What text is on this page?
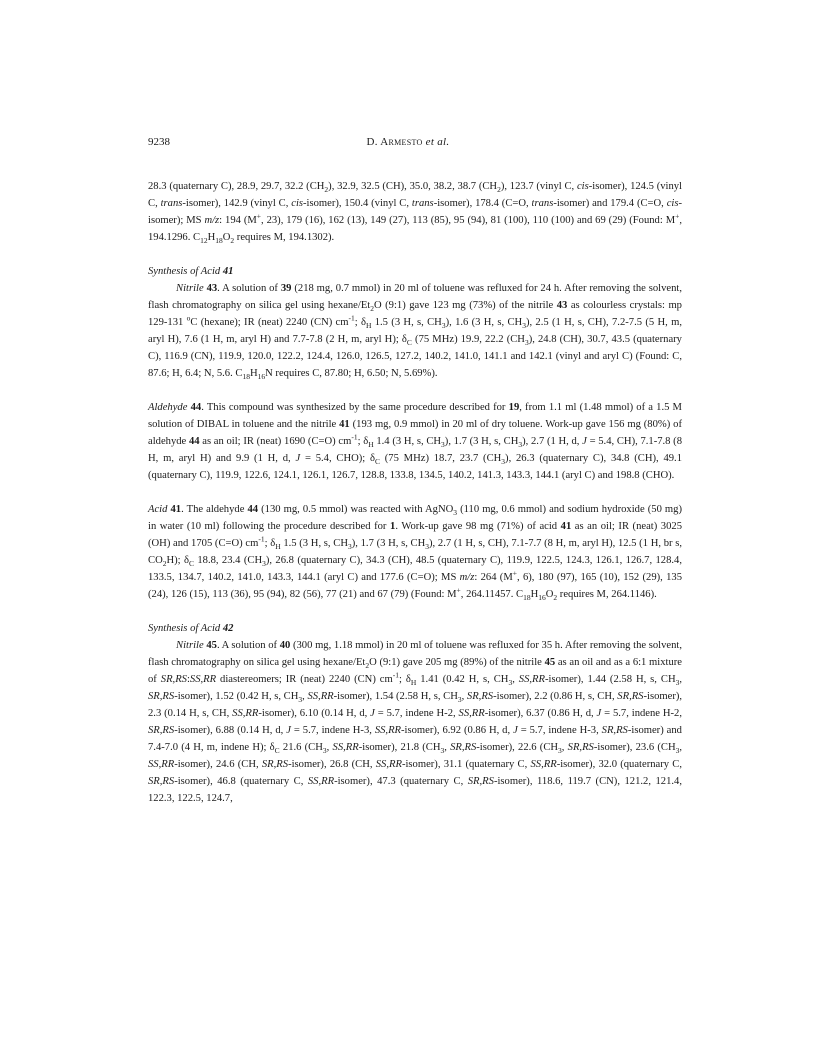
9238	D. Armesto et al.

28.3 (quaternary C), 28.9, 29.7, 32.2 $(CH_2)$, 32.9, 32.5 (CH), 35.0, 38.2, 38.7 $(CH_2)$, 123.7 (vinyl C, cis-isomer), 124.5 (vinyl C, trans-isomer), 142.9 (vinyl C, cis-isomer), 150.4 (vinyl C, trans-isomer), 178.4 (C=O, trans-isomer) and 179.4 (C=O, cis-isomer); MS m/z: 194 (M+, 23), 179 (16), 162 (13), 149 (27), 113 (85), 95 (94), 81 (100), 110 (100) and 69 (29) (Found: M+, 194.1296. $C_{12}H_{18}O_2$ requires M, 194.1302).

Synthesis of Acid 41

Nitrile 43. A solution of 39 (218 mg, 0.7 mmol) in 20 ml of toluene was refluxed for 24 h. After removing the solvent, flash chromatography on silica gel using hexane/$Et_2O$ (9:1) gave 123 mg (73%) of the nitrile 43 as colourless crystals: mp 129-131 $^o$C (hexane); IR (neat) 2240 (CN) $cm^{-1}$; $\delta_H$ 1.5 (3 H, s, $CH_3$), 1.6 (3 H, s, $CH_3$), 2.5 (1 H, s, CH), 7.2-7.5 (5 H, m, aryl H), 7.6 (1 H, m, aryl H) and 7.7-7.8 (2 H, m, aryl H); $\delta_C$ (75 MHz) 19.9, 22.2 $(CH_3)$, 24.8 (CH), 30.7, 43.5 (quaternary C), 116.9 (CN), 119.9, 120.0, 122.2, 124.4, 126.0, 126.5, 127.2, 140.2, 141.0, 141.1 and 142.1 (vinyl and aryl C) (Found: C, 87.6; H, 6.4; N, 5.6. $C_{18}H_{16}N$ requires C, 87.80; H, 6.50; N, 5.69%).

Aldehyde 44. This compound was synthesized by the same procedure described for 19, from 1.1 ml (1.48 mmol) of a 1.5 M solution of DIBAL in toluene and the nitrile 41 (193 mg, 0.9 mmol) in 20 ml of dry toluene. Work-up gave 156 mg (80%) of aldehyde 44 as an oil; IR (neat) 1690 (C=O) $cm^{-1}$; $\delta_H$ 1.4 (3 H, s, $CH_3$), 1.7 (3 H, s, $CH_3$), 2.7 (1 H, d, J = 5.4, CH), 7.1-7.8 (8 H, m, aryl H) and 9.9 (1 H, d, J = 5.4, CHO); $\delta_C$ (75 MHz) 18.7, 23.7 $(CH_3)$, 26.3 (quaternary C), 34.8 (CH), 49.1 (quaternary C), 119.9, 122.6, 124.1, 126.1, 126.7, 128.8, 133.8, 134.5, 140.2, 141.3, 143.3, 144.1 (aryl C) and 198.8 (CHO).

Acid 41. The aldehyde 44 (130 mg, 0.5 mmol) was reacted with AgNO$_3$ (110 mg, 0.6 mmol) and sodium hydroxide (50 mg) in water (10 ml) following the procedure described for 1. Work-up gave 98 mg (71%) of acid 41 as an oil; IR (neat) 3025 (OH) and 1705 (C=O) $cm^{-1}$; $\delta_H$ 1.5 (3 H, s, $CH_3$), 1.7 (3 H, s, $CH_3$), 2.7 (1 H, s, CH), 7.1-7.7 (8 H, m, aryl H), 12.5 (1 H, br s, $CO_2H$); $\delta_C$ 18.8, 23.4 $(CH_3)$, 26.8 (quaternary C), 34.3 (CH), 48.5 (quaternary C), 119.9, 122.5, 124.3, 126.1, 126.7, 128.4, 133.5, 134.7, 140.2, 141.0, 143.3, 144.1 (aryl C) and 177.6 (C=O); MS m/z: 264 (M+, 6), 180 (97), 165 (10), 152 (29), 135 (24), 126 (15), 113 (36), 95 (94), 82 (56), 77 (21) and 67 (79) (Found: M+, 264.11457. $C_{18}H_{16}O_2$ requires M, 264.1146).

Synthesis of Acid 42

Nitrile 45. A solution of 40 (300 mg, 1.18 mmol) in 20 ml of toluene was refluxed for 35 h. After removing the solvent, flash chromatography on silica gel using hexane/$Et_2O$ (9:1) gave 205 mg (89%) of the nitrile 45 as an oil and as a 6:1 mixture of SR,RS:SS,RR diastereomers; IR (neat) 2240 (CN) $cm^{-1}$; $\delta_H$ 1.41 (0.42 H, s, $CH_3$, SS,RR-isomer), 1.44 (2.58 H, s, $CH_3$, SR,RS-isomer), 1.52 (0.42 H, s, $CH_3$, SS,RR-isomer), 1.54 (2.58 H, s, $CH_3$, SR,RS-isomer), 2.2 (0.86 H, s, CH, SR,RS-isomer), 2.3 (0.14 H, s, CH, SS,RR-isomer), 6.10 (0.14 H, d, J = 5.7, indene H-2, SS,RR-isomer), 6.37 (0.86 H, d, J = 5.7, indene H-2, SR,RS-isomer), 6.88 (0.14 H, d, J = 5.7, indene H-3, SS,RR-isomer), 6.92 (0.86 H, d, J = 5.7, indene H-3, SR,RS-isomer) and 7.4-7.0 (4 H, m, indene H); $\delta_C$ 21.6 ($CH_3$, SS,RR-isomer), 21.8 ($CH_3$, SR,RS-isomer), 22.6 ($CH_3$, SR,RS-isomer), 23.6 ($CH_3$, SS,RR-isomer), 24.6 (CH, SR,RS-isomer), 26.8 (CH, SS,RR-isomer), 31.1 (quaternary C, SS,RR-isomer), 32.0 (quaternary C, SR,RS-isomer), 46.8 (quaternary C, SS,RR-isomer), 47.3 (quaternary C, SR,RS-isomer), 118.6, 119.7 (CN), 121.2, 121.4, 122.3, 122.5, 124.7,
